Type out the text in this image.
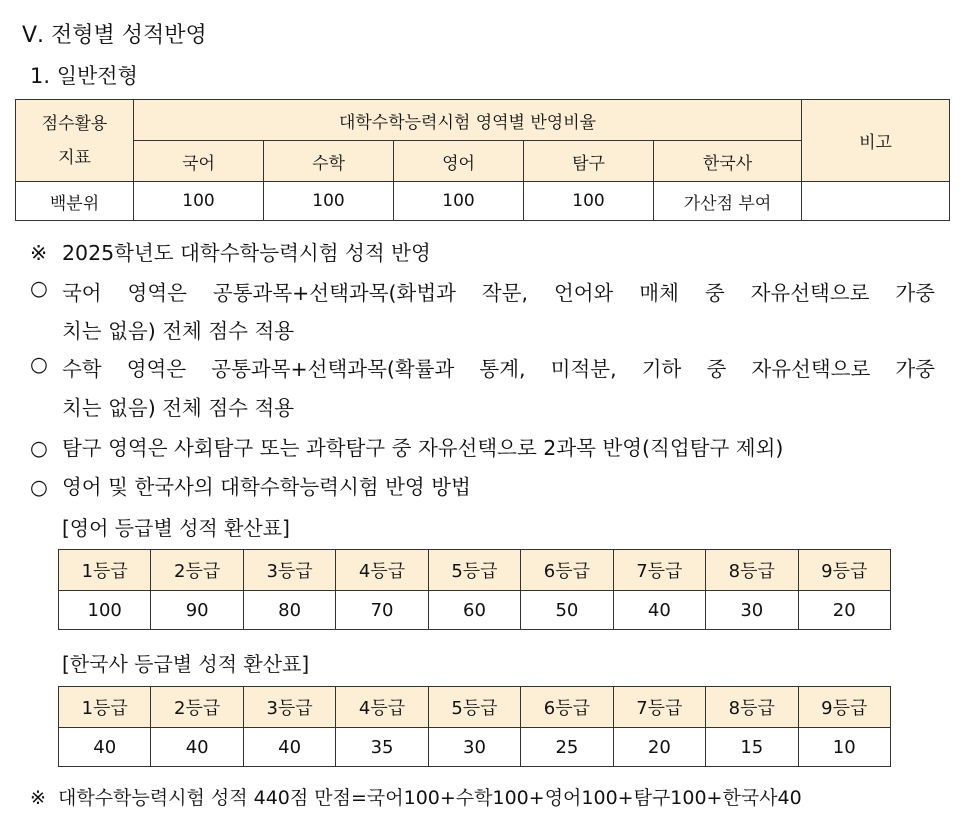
Ⅴ. 전형별 성적반영
1. 일반전형
점수활용
지표	대학수학능력시험 영역별 반영비율					비고
	국어	수학	영어	탐구	한국사	
백분위	100	100	100	100	가산점 부여	
※ 2025학년도 대학수학능력시험 성적 반영
○ 국어 영역은 공통과목+선택과목(화법과 작문, 언어와 매체 중 자유선택으로 가중
치는 없음) 전체 점수 적용
○ 수학 영역은 공통과목+선택과목(확률과 통계, 미적분, 기하 중 자유선택으로 가중
치는 없음) 전체 점수 적용
○ 탐구 영역은 사회탐구 또는 과학탐구 중 자유선택으로 2과목 반영(직업탐구 제외)
○ 영어 및 한국사의 대학수학능력시험 반영 방법
[영어 등급별 성적 환산표]
1등급	2등급	3등급	4등급	5등급	6등급	7등급	8등급	9등급
100	90	80	70	60	50	40	30	20
[한국사 등급별 성적 환산표]
1등급	2등급	3등급	4등급	5등급	6등급	7등급	8등급	9등급
40	40	40	35	30	25	20	15	10
※ 대학수학능력시험 성적 440점 만점=국어100+수학100+영어100+탐구100+한국사40
